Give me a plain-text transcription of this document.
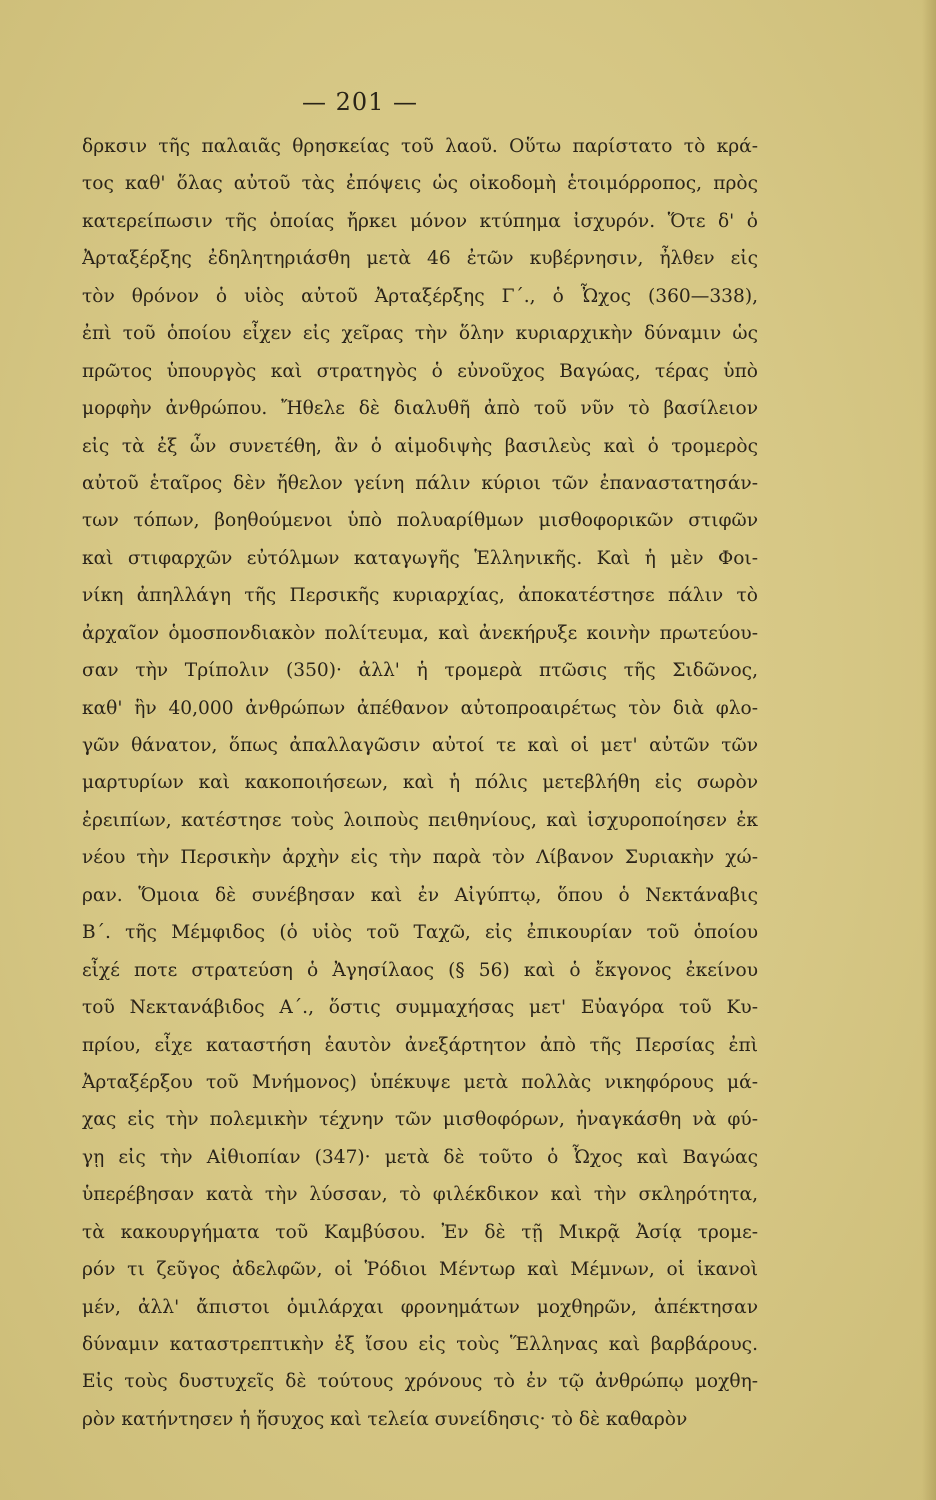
— 201 —
δρκσιν τῆς παλαιᾶς θρησκείας τοῦ λαοῦ. Οὕτω παρίστατο τὸ κρά-
τος καθ' ὅλας αὐτοῦ τὰς ἐπόψεις ὡς οἰκοδομὴ ἑτοιμόρροπος, πρὸς
κατερείπωσιν τῆς ὁποίας ἤρκει μόνον κτύπημα ἰσχυρόν. Ὅτε δ' ὁ
Ἀρταξέρξης ἐδηλητηριάσθη μετὰ 46 ἐτῶν κυβέρνησιν, ἦλθεν εἰς
τὸν θρόνον ὁ υἱὸς αὐτοῦ Ἀρταξέρξης Γ΄., ὁ Ὦχος (360—338),
ἐπὶ τοῦ ὁποίου εἶχεν εἰς χεῖρας τὴν ὅλην κυριαρχικὴν δύναμιν ὡς
πρῶτος ὑπουργὸς καὶ στρατηγὸς ὁ εὐνοῦχος Βαγώας, τέρας ὑπὸ
μορφὴν ἀνθρώπου. Ἤθελε δὲ διαλυθῆ ἀπὸ τοῦ νῦν τὸ βασίλειον
εἰς τὰ ἐξ ὧν συνετέθη, ἂν ὁ αἱμοδιψὴς βασιλεὺς καὶ ὁ τρομερὸς
αὐτοῦ ἑταῖρος δὲν ἤθελον γείνη πάλιν κύριοι τῶν ἐπαναστατησάν-
των τόπων, βοηθούμενοι ὑπὸ πολυαρίθμων μισθοφορικῶν στιφῶν
καὶ στιφαρχῶν εὐτόλμων καταγωγῆς Ἑλληνικῆς. Καὶ ἡ μὲν Φοι-
νίκη ἀπηλλάγη τῆς Περσικῆς κυριαρχίας, ἀποκατέστησε πάλιν τὸ
ἀρχαῖον ὁμοσπονδιακὸν πολίτευμα, καὶ ἀνεκήρυξε κοινὴν πρωτεύου-
σαν τὴν Τρίπολιν (350)· ἀλλ' ἡ τρομερὰ πτῶσις τῆς Σιδῶνος,
καθ' ἣν 40,000 ἀνθρώπων ἀπέθανον αὐτοπροαιρέτως τὸν διὰ φλο-
γῶν θάνατον, ὅπως ἀπαλλαγῶσιν αὐτοί τε καὶ οἱ μετ' αὐτῶν τῶν
μαρτυρίων καὶ κακοποιήσεων, καὶ ἡ πόλις μετεβλήθη εἰς σωρὸν
ἐρειπίων, κατέστησε τοὺς λοιποὺς πειθηνίους, καὶ ἰσχυροποίησεν ἐκ
νέου τὴν Περσικὴν ἀρχὴν εἰς τὴν παρὰ τὸν Λίβανον Συριακὴν χώ-
ραν. Ὅμοια δὲ συνέβησαν καὶ ἐν Αἰγύπτῳ, ὅπου ὁ Νεκτάναβις
Β΄. τῆς Μέμφιδος (ὁ υἱὸς τοῦ Ταχῶ, εἰς ἐπικουρίαν τοῦ ὁποίου
εἶχέ ποτε στρατεύση ὁ Ἀγησίλαος (§ 56) καὶ ὁ ἔκγονος ἐκείνου
τοῦ Νεκτανάβιδος Α΄., ὅστις συμμαχήσας μετ' Εὐαγόρα τοῦ Κυ-
πρίου, εἶχε καταστήση ἑαυτὸν ἀνεξάρτητον ἀπὸ τῆς Περσίας ἐπὶ
Ἀρταξέρξου τοῦ Μνήμονος) ὑπέκυψε μετὰ πολλὰς νικηφόρους μά-
χας εἰς τὴν πολεμικὴν τέχνην τῶν μισθοφόρων, ἠναγκάσθη νὰ φύ-
γῃ εἰς τὴν Αἰθιοπίαν (347)· μετὰ δὲ τοῦτο ὁ Ὦχος καὶ Βαγώας
ὑπερέβησαν κατὰ τὴν λύσσαν, τὸ φιλέκδικον καὶ τὴν σκληρότητα,
τὰ κακουργήματα τοῦ Καμβύσου. Ἐν δὲ τῇ Μικρᾷ Ἀσίᾳ τρομε-
ρόν τι ζεῦγος ἀδελφῶν, οἱ Ῥόδιοι Μέντωρ καὶ Μέμνων, οἱ ἱκανοὶ
μέν, ἀλλ' ἄπιστοι ὁμιλάρχαι φρονημάτων μοχθηρῶν, ἀπέκτησαν
δύναμιν καταστρεπτικὴν ἐξ ἴσου εἰς τοὺς Ἕλληνας καὶ βαρβάρους.
Εἰς τοὺς δυστυχεῖς δὲ τούτους χρόνους τὸ ἐν τῷ ἀνθρώπῳ μοχθη-
ρὸν κατήντησεν ἡ ἥσυχος καὶ τελεία συνείδησις· τὸ δὲ καθαρὸν
